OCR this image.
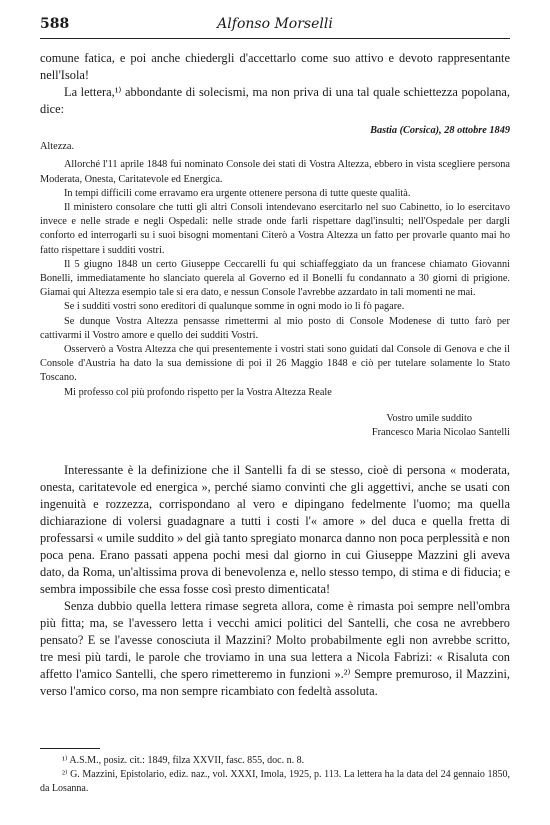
588	Alfonso Morselli

comune fatica, e poi anche chiedergli d'accettarlo come suo attivo e devoto rappresentante nell'Isola!

La lettera,¹⁾ abbondante di solecismi, ma non priva di una tal quale schiettezza popolana, dice:

Bastia (Corsica), 28 ottobre 1849

Altezza.

Allorché l'11 aprile 1848 fui nominato Console dei stati di Vostra Altezza, ebbero in vista scegliere persona Moderata, Onesta, Caritatevole ed Energica.

In tempi difficili come erravamo era urgente ottenere persona di tutte queste qualità.

Il ministero consolare che tutti gli altri Consoli intendevano esercitarlo nel suo Cabinetto, io lo esercitavo invece e nelle strade e negli Ospedali: nelle strade onde farli rispettare dagl'insulti; nell'Ospedale per dargli conforto ed interrogarli su i suoi bisogni momentani Citerò a Vostra Altezza un fatto per provarle quanto mai ho fatto rispettare i sudditi vostri.

Il 5 giugno 1848 un certo Giuseppe Ceccarelli fu qui schiaffeggiato da un francese chiamato Giovanni Bonelli, immediatamente ho slanciato querela al Governo ed il Bonelli fu condannato a 30 giorni di prigione. Giamai qui Altezza esempio tale si era dato, e nessun Console l'avrebbe azzardato in tali momenti ne mai.

Se i sudditi vostri sono ereditori di qualunque somme in ogni modo io li fò pagare.

Se dunque Vostra Altezza pensasse rimettermi al mio posto di Console Modenese di tutto farò per cattivarmi il Vostro amore e quello dei sudditi Vostri.

Osserverò a Vostra Altezza che qui presentemente i vostri stati sono guidati dal Console di Genova e che il Console d'Austria ha dato la sua demissione di poi il 26 Maggio 1848 e ciò per tutelare solamente lo Stato Toscano.

Mi professo col più profondo rispetto per la Vostra Altezza Reale

Vostro umile suddito

Francesco Maria Nicolao Santelli

Interessante è la definizione che il Santelli fa di se stesso, cioè di persona « moderata, onesta, caritatevole ed energica », perché siamo convinti che gli aggettivi, anche se usati con ingenuità e rozzezza, corrispondano al vero e dipingano fedelmente l'uomo; ma quella dichiarazione di volersi guadagnare a tutti i costi l'« amore » del duca e quella fretta di professarsi « umile suddito » del già tanto spregiato monarca danno non poca perplessità e non poca pena. Erano passati appena pochi mesi dal giorno in cui Giuseppe Mazzini gli aveva dato, da Roma, un'altissima prova di benevolenza e, nello stesso tempo, di stima e di fiducia; e sembra impossibile che essa fosse così presto dimenticata!

Senza dubbio quella lettera rimase segreta allora, come è rimasta poi sempre nell'ombra più fitta; ma, se l'avessero letta i vecchi amici politici del Santelli, che cosa ne avrebbero pensato? E se l'avesse conosciuta il Mazzini? Molto probabilmente egli non avrebbe scritto, tre mesi più tardi, le parole che troviamo in una sua lettera a Nicola Fabrizi: « Risaluta con affetto l'amico Santelli, che spero rimetteremo in funzioni ».²⁾ Sempre premuroso, il Mazzini, verso l'amico corso, ma non sempre ricambiato con fedeltà assoluta.

¹⁾ A.S.M., posiz. cit.: 1849, filza XXVII, fasc. 855, doc. n. 8.

²⁾ G. Mazzini, Epistolario, ediz. naz., vol. XXXI, Imola, 1925, p. 113. La lettera ha la data del 24 gennaio 1850, da Losanna.
